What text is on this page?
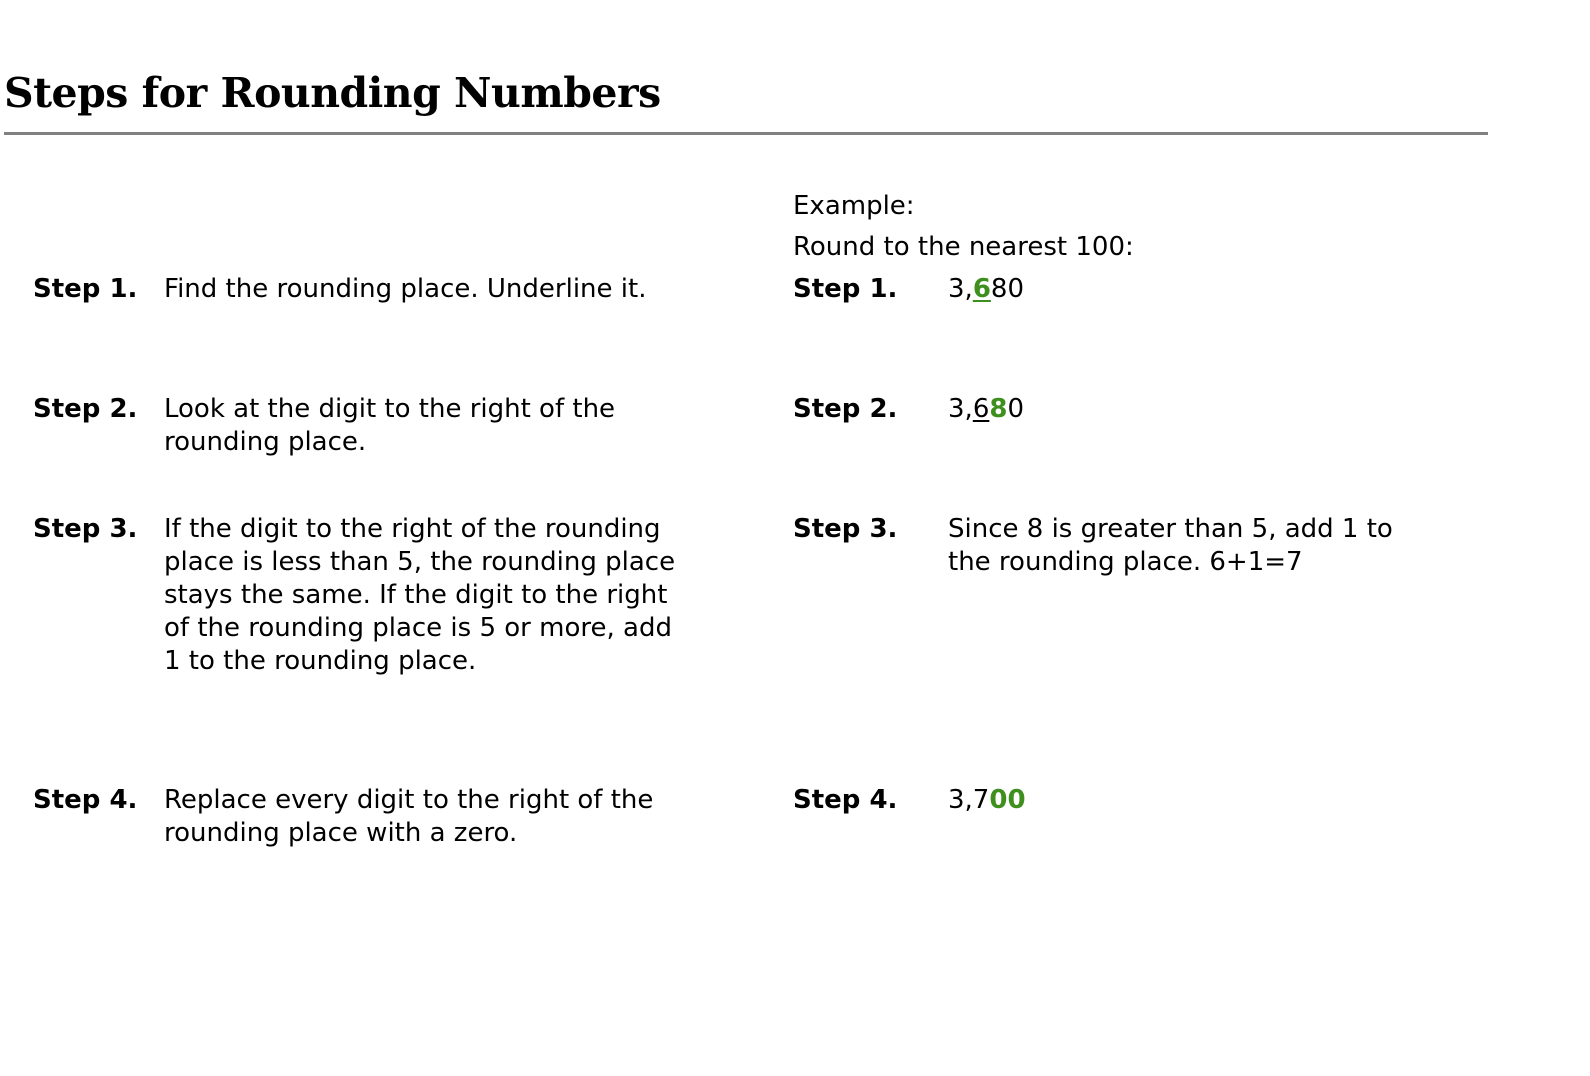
Steps for Rounding Numbers
Step 1. Find the rounding place. Underline it.
Step 2. Look at the digit to the right of the
rounding place.
Step 3. If the digit to the right of the rounding
place is less than 5, the rounding place
stays the same. If the digit to the right
of the rounding place is 5 or more, add
1 to the rounding place.
Step 4. Replace every digit to the right of the
rounding place with a zero.
Example:
Round to the nearest 100:
Step 1. 3,680
Step 2. 3,680
Step 3. Since 8 is greater than 5, add 1 to
the rounding place. 6+1=7
Step 4. 3,700
